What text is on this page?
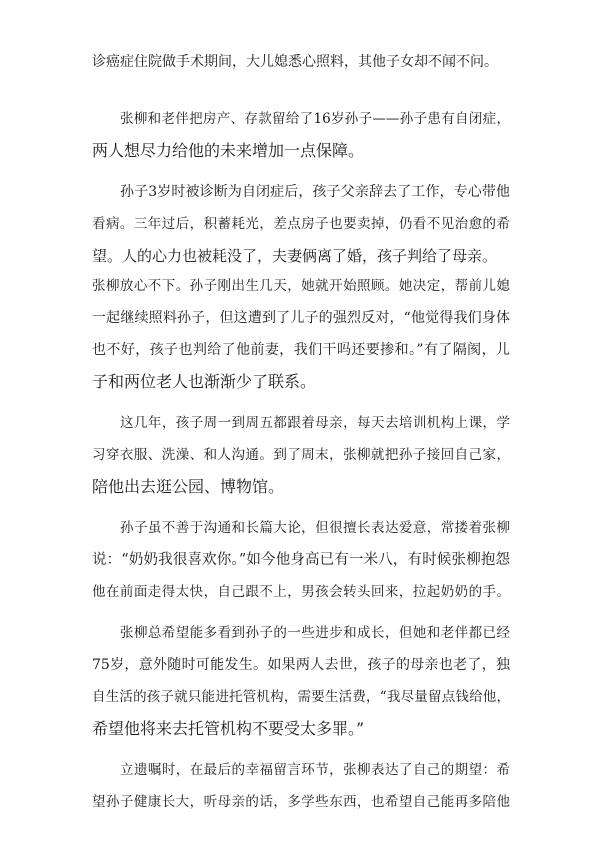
诊癌症住院做手术期间，大儿媳悉心照料，其他子女却不闻不问。
张柳和老伴把房产、存款留给了16岁孙子——孙子患有自闭症，
两人想尽力给他的未来增加一点保障。
孙子3岁时被诊断为自闭症后，孩子父亲辞去了工作，专心带他
看病。三年过后，积蓄耗光，差点房子也要卖掉，仍看不见治愈的希
望。人的心力也被耗没了，夫妻俩离了婚，孩子判给了母亲。
张柳放心不下。孙子刚出生几天，她就开始照顾。她决定，帮前儿媳
一起继续照料孙子，但这遭到了儿子的强烈反对，“他觉得我们身体
也不好，孩子也判给了他前妻，我们干吗还要掺和。”有了隔阂，儿
子和两位老人也渐渐少了联系。
这几年，孩子周一到周五都跟着母亲，每天去培训机构上课，学
习穿衣服、洗澡、和人沟通。到了周末，张柳就把孙子接回自己家，
陪他出去逛公园、博物馆。
孙子虽不善于沟通和长篇大论，但很擅长表达爱意，常搂着张柳
说：“奶奶我很喜欢你。”如今他身高已有一米八，有时候张柳抱怨
他在前面走得太快，自己跟不上，男孩会转头回来，拉起奶奶的手。
张柳总希望能多看到孙子的一些进步和成长，但她和老伴都已经
75岁，意外随时可能发生。如果两人去世，孩子的母亲也老了，独
自生活的孩子就只能进托管机构，需要生活费，“我尽量留点钱给他，
希望他将来去托管机构不要受太多罪。”
立遗嘱时，在最后的幸福留言环节，张柳表达了自己的期望：希
望孙子健康长大，听母亲的话，多学些东西，也希望自己能再多陪他
